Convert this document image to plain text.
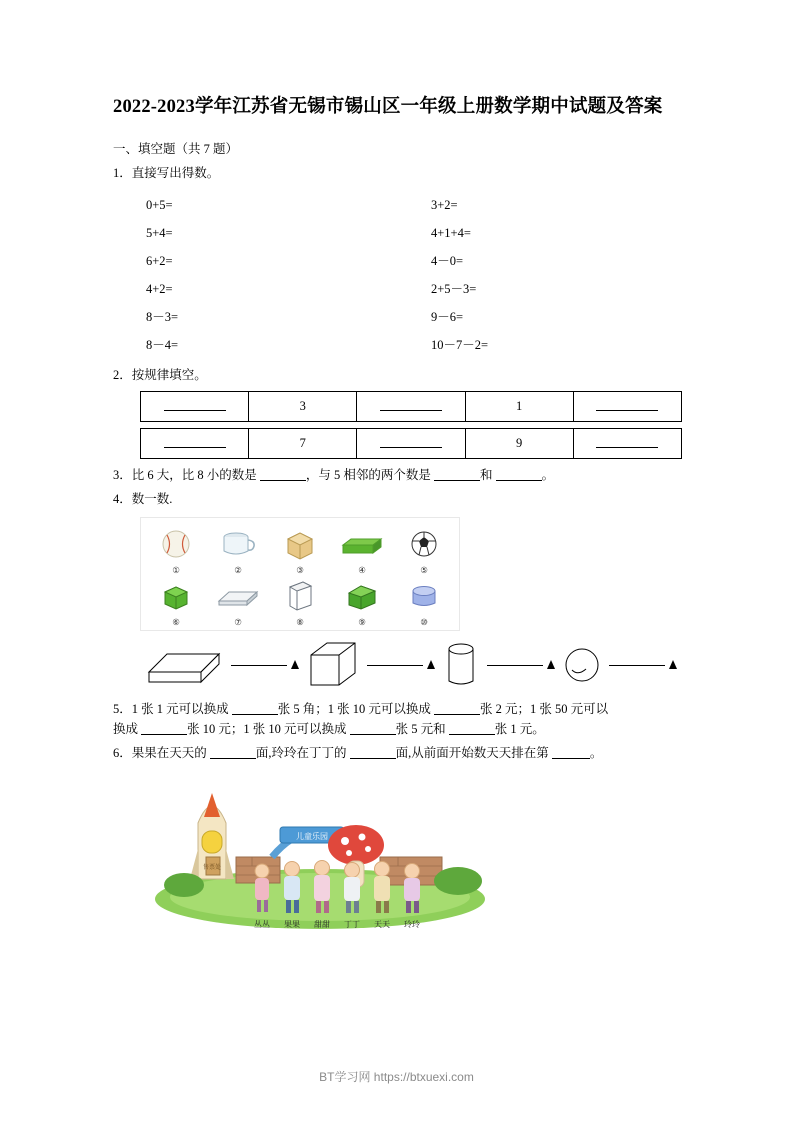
2022-2023学年江苏省无锡市锡山区一年级上册数学期中试题及答案
一、填空题（共 7 题）
1．直接写出得数。
0+5=	3+2=
5+4=	4+1+4=
6+2=	4－0=
4+2=	2+5－3=
8－3=	9－6=
8－4=	10－7－2=
2．按规律填空。
	3		1	
	7		9	
3．比 6 大，比 8 小的数是	，与 5 相邻的两个数是	和	。
4．数一数.
①	②	③	④	⑤
⑥	⑦	⑧	⑨	⑩
5．1 张 1 元可以换成	张 5 角；1 张 10 元可以换成	张 2 元；1 张 50 元可以
换成	张 10 元；1 张 10 元可以换成	张 5 元和	张 1 元。
6．果果在天天的	面,玲玲在丁丁的	面,从前面开始数天天排在第	。
售票处
儿童乐园
丛丛 果果 甜甜 丁丁 天天 玲玲
BT学习网 https://btxuexi.com
